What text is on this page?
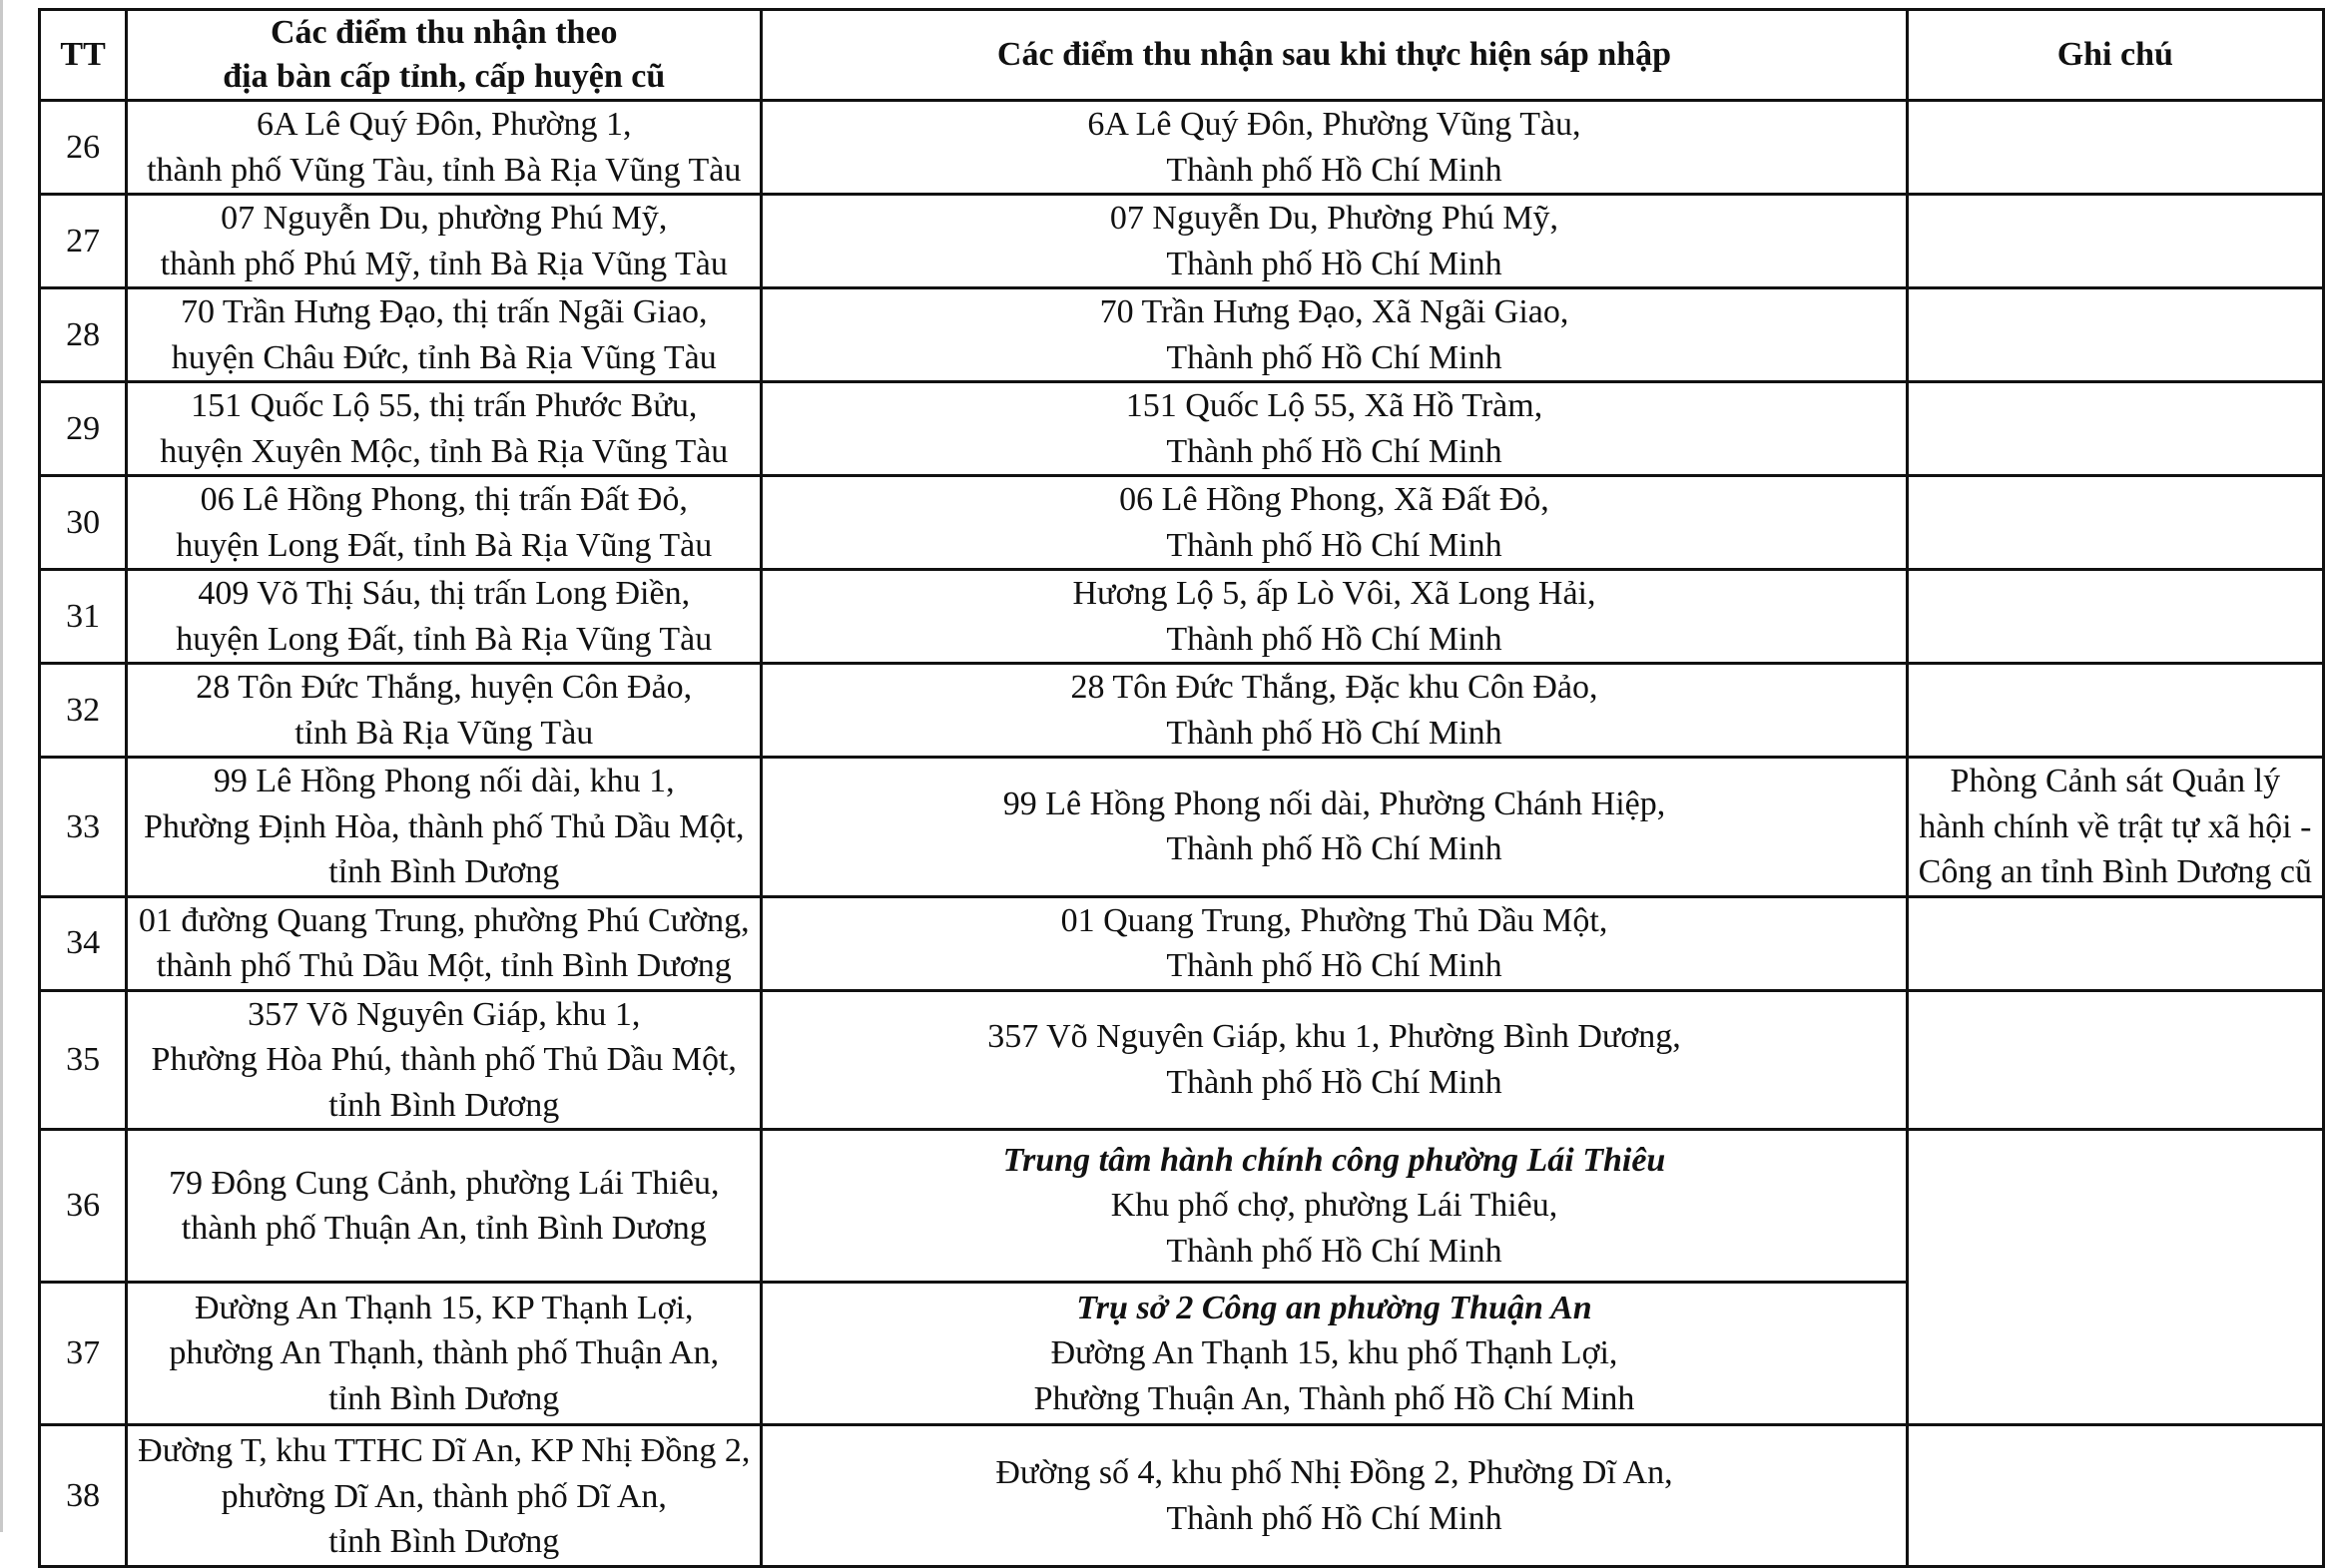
TT	Các điểm thu nhận theo
địa bàn cấp tỉnh, cấp huyện cũ	Các điểm thu nhận sau khi thực hiện sáp nhập	Ghi chú
26	6A Lê Quý Đôn, Phường 1,
thành phố Vũng Tàu, tỉnh Bà Rịa Vũng Tàu	6A Lê Quý Đôn, Phường Vũng Tàu,
Thành phố Hồ Chí Minh	

27	07 Nguyễn Du, phường Phú Mỹ,
thành phố Phú Mỹ, tỉnh Bà Rịa Vũng Tàu	07 Nguyễn Du, Phường Phú Mỹ,
Thành phố Hồ Chí Minh	

28	70 Trần Hưng Đạo, thị trấn Ngãi Giao,
huyện Châu Đức, tỉnh Bà Rịa Vũng Tàu	70 Trần Hưng Đạo, Xã Ngãi Giao,
Thành phố Hồ Chí Minh	

29	151 Quốc Lộ 55, thị trấn Phước Bửu,
huyện Xuyên Mộc, tỉnh Bà Rịa Vũng Tàu	151 Quốc Lộ 55, Xã Hồ Tràm,
Thành phố Hồ Chí Minh	

30	06 Lê Hồng Phong, thị trấn Đất Đỏ,
huyện Long Đất, tỉnh Bà Rịa Vũng Tàu	06 Lê Hồng Phong, Xã Đất Đỏ,
Thành phố Hồ Chí Minh	

31	409 Võ Thị Sáu, thị trấn Long Điền,
huyện Long Đất, tỉnh Bà Rịa Vũng Tàu	Hương Lộ 5, ấp Lò Vôi, Xã Long Hải,
Thành phố Hồ Chí Minh	

32	28 Tôn Đức Thắng, huyện Côn Đảo,
tỉnh Bà Rịa Vũng Tàu	28 Tôn Đức Thắng, Đặc khu Côn Đảo,
Thành phố Hồ Chí Minh	

33	99 Lê Hồng Phong nối dài, khu 1,
Phường Định Hòa, thành phố Thủ Dầu Một,
tỉnh Bình Dương	99 Lê Hồng Phong nối dài, Phường Chánh Hiệp,
Thành phố Hồ Chí Minh	Phòng Cảnh sát Quản lý
hành chính về trật tự xã hội -
Công an tỉnh Bình Dương cũ

34	01 đường Quang Trung, phường Phú Cường,
thành phố Thủ Dầu Một, tỉnh Bình Dương	01 Quang Trung, Phường Thủ Dầu Một,
Thành phố Hồ Chí Minh	

35	357 Võ Nguyên Giáp, khu 1,
Phường Hòa Phú, thành phố Thủ Dầu Một,
tỉnh Bình Dương	357 Võ Nguyên Giáp, khu 1, Phường Bình Dương,
Thành phố Hồ Chí Minh	

36	79 Đông Cung Cảnh, phường Lái Thiêu,
thành phố Thuận An, tỉnh Bình Dương	Trung tâm hành chính công phường Lái Thiêu
Khu phố chợ, phường Lái Thiêu,
Thành phố Hồ Chí Minh	

37	Đường An Thạnh 15, KP Thạnh Lợi,
phường An Thạnh, thành phố Thuận An,
tỉnh Bình Dương	Trụ sở 2 Công an phường Thuận An
Đường An Thạnh 15, khu phố Thạnh Lợi,
Phường Thuận An, Thành phố Hồ Chí Minh	

38	Đường T, khu TTHC Dĩ An, KP Nhị Đồng 2,
phường Dĩ An, thành phố Dĩ An,
tỉnh Bình Dương	Đường số 4, khu phố Nhị Đồng 2, Phường Dĩ An,
Thành phố Hồ Chí Minh	
